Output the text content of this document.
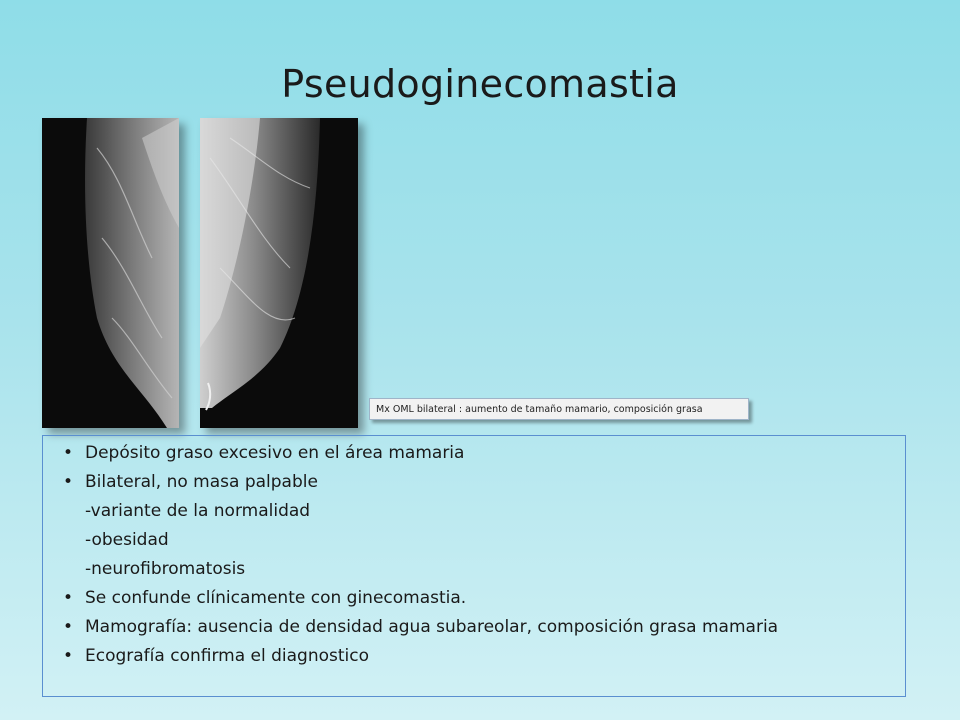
Pseudoginecomastia
Mx OML bilateral : aumento de tamaño mamario, composición grasa
• Depósito graso excesivo en el área mamaria
• Bilateral, no masa palpable
-variante de la normalidad
-obesidad
-neurofibromatosis
• Se confunde clínicamente con ginecomastia.
• Mamografía: ausencia de densidad agua subareolar, composición grasa mamaria
• Ecografía confirma el diagnostico
